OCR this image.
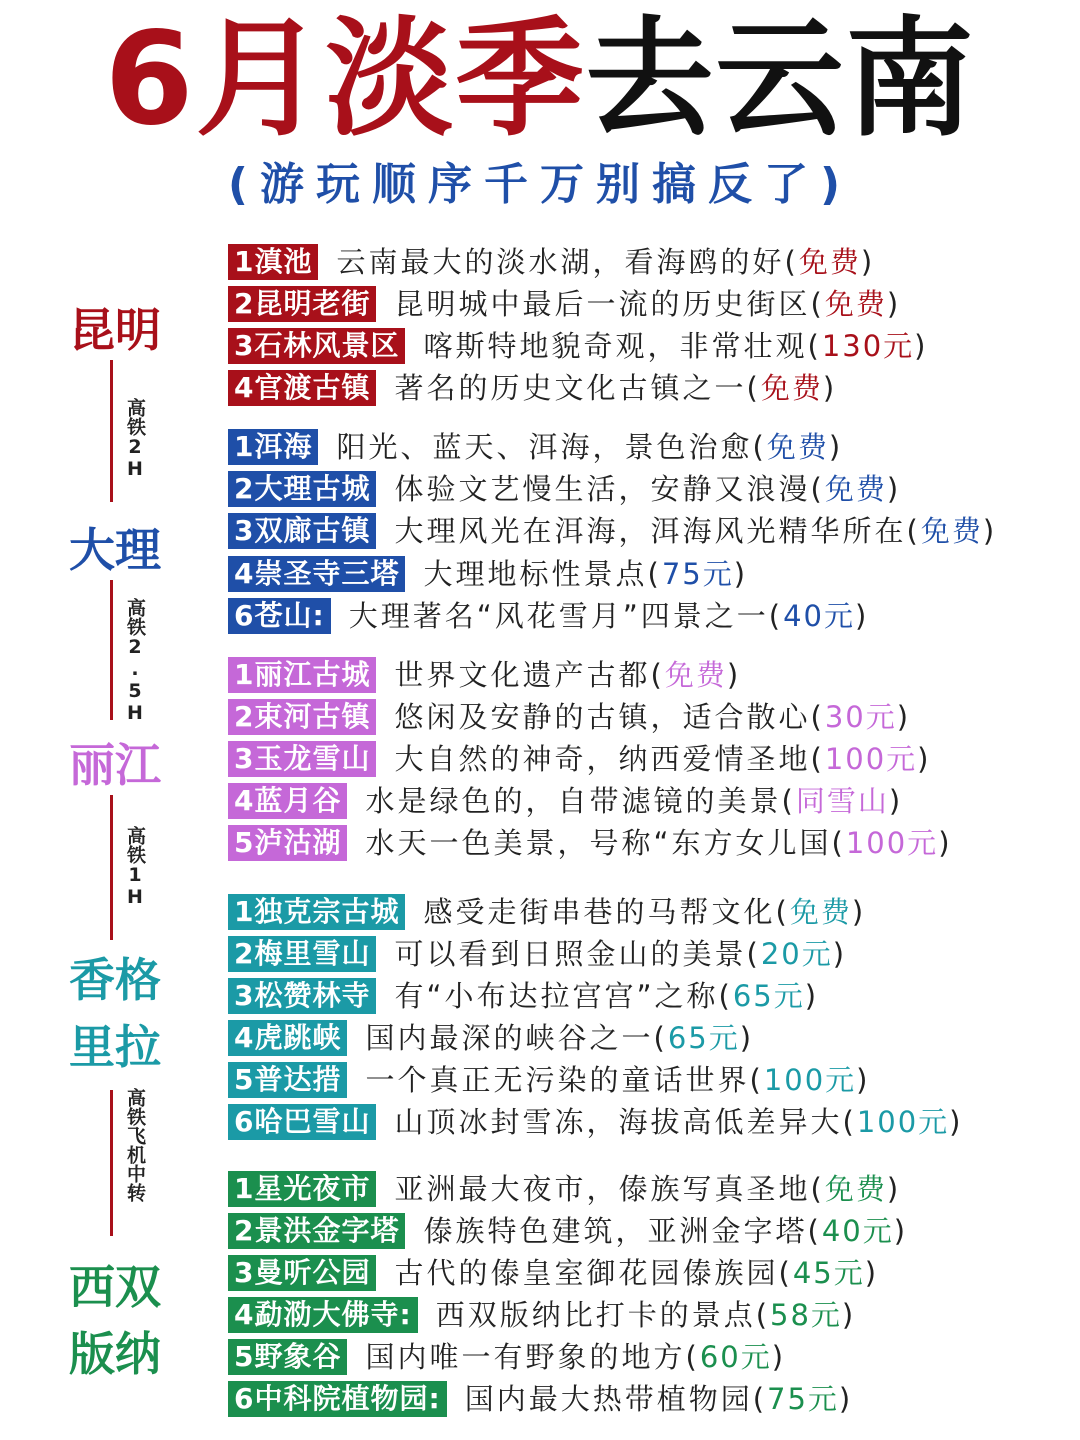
6月淡季去云南
(游玩顺序千万别搞反了)
昆明
大理
丽江
香格
里拉
西双
版纳
高铁2H
高铁2.5H
高铁1H
高铁飞机中转
1滇池 云南最大的淡水湖，看海鸥的好(免费)
2昆明老街 昆明城中最后一流的历史街区(免费)
3石林风景区 喀斯特地貌奇观，非常壮观(130元)
4官渡古镇 著名的历史文化古镇之一(免费)
1洱海 阳光、蓝天、洱海，景色治愈(免费)
2大理古城 体验文艺慢生活，安静又浪漫(免费)
3双廊古镇 大理风光在洱海，洱海风光精华所在(免费)
4崇圣寺三塔 大理地标性景点(75元)
6苍山: 大理著名“风花雪月”四景之一(40元)
1丽江古城 世界文化遗产古都(免费)
2束河古镇 悠闲及安静的古镇，适合散心(30元)
3玉龙雪山 大自然的神奇，纳西爱情圣地(100元)
4蓝月谷 水是绿色的，自带滤镜的美景(同雪山)
5泸沽湖 水天一色美景，号称“东方女儿国(100元)
1独克宗古城 感受走街串巷的马帮文化(免费)
2梅里雪山 可以看到日照金山的美景(20元)
3松赞林寺 有“小布达拉宫宫”之称(65元)
4虎跳峡 国内最深的峡谷之一(65元)
5普达措 一个真正无污染的童话世界(100元)
6哈巴雪山 山顶冰封雪冻，海拔高低差异大(100元)
1星光夜市 亚洲最大夜市，傣族写真圣地(免费)
2景洪金字塔 傣族特色建筑，亚洲金字塔(40元)
3曼听公园 古代的傣皇室御花园傣族园(45元)
4勐泐大佛寺: 西双版纳比打卡的景点(58元)
5野象谷 国内唯一有野象的地方(60元)
6中科院植物园: 国内最大热带植物园(75元)
